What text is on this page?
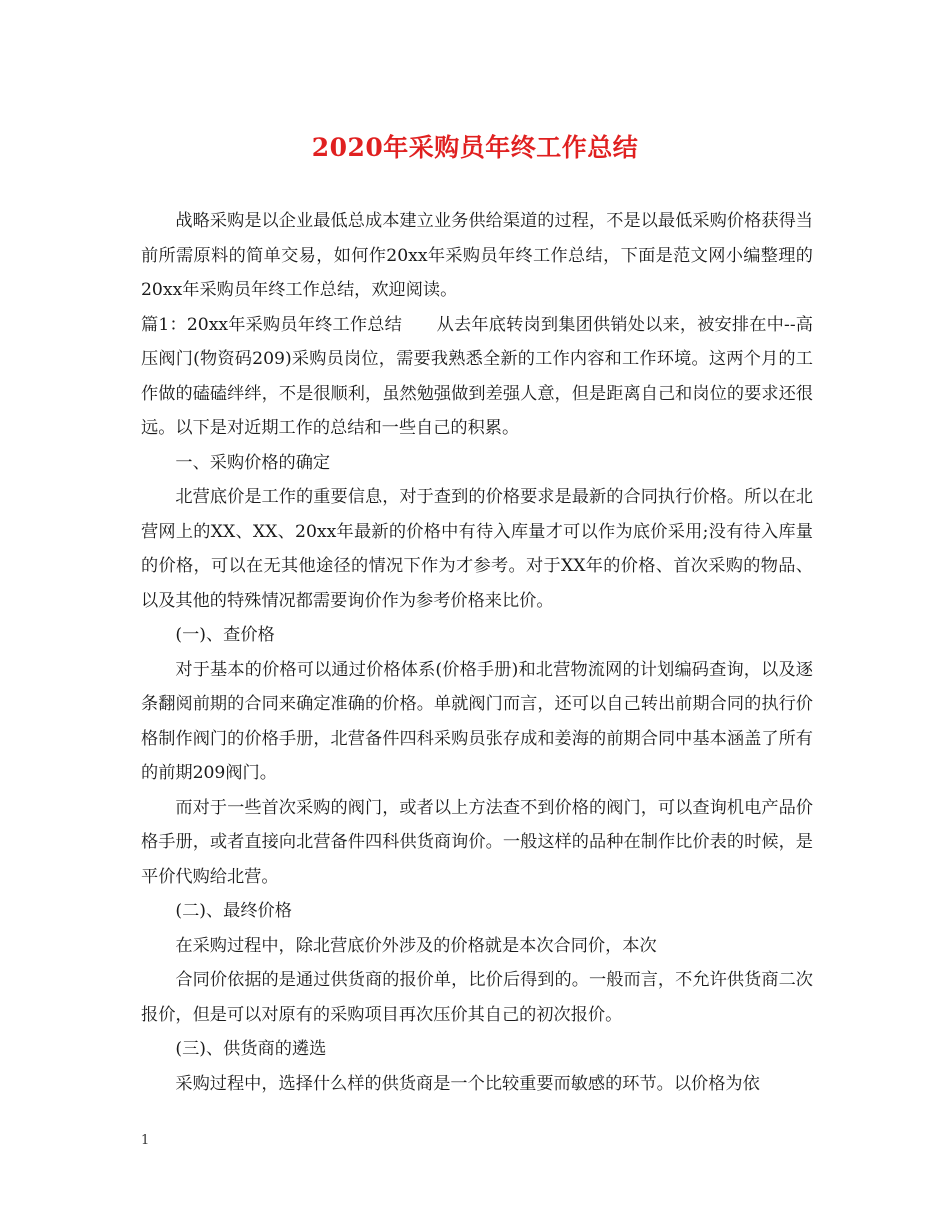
2020年采购员年终工作总结

战略采购是以企业最低总成本建立业务供给渠道的过程，不是以最低采购价格获得当前所需原料的简单交易，如何作20xx年采购员年终工作总结，下面是范文网小编整理的20xx年采购员年终工作总结，欢迎阅读。

篇1：20xx年采购员年终工作总结　　从去年底转岗到集团供销处以来，被安排在中--高压阀门(物资码209)采购员岗位，需要我熟悉全新的工作内容和工作环境。这两个月的工作做的磕磕绊绊，不是很顺利，虽然勉强做到差强人意，但是距离自己和岗位的要求还很远。以下是对近期工作的总结和一些自己的积累。

一、采购价格的确定

北营底价是工作的重要信息，对于查到的价格要求是最新的合同执行价格。所以在北营网上的XX、XX、20xx年最新的价格中有待入库量才可以作为底价采用;没有待入库量的价格，可以在无其他途径的情况下作为才参考。对于XX年的价格、首次采购的物品、以及其他的特殊情况都需要询价作为参考价格来比价。

(一)、查价格

对于基本的价格可以通过价格体系(价格手册)和北营物流网的计划编码查询，以及逐条翻阅前期的合同来确定准确的价格。单就阀门而言，还可以自己转出前期合同的执行价格制作阀门的价格手册，北营备件四科采购员张存成和姜海的前期合同中基本涵盖了所有的前期209阀门。

而对于一些首次采购的阀门，或者以上方法查不到价格的阀门，可以查询机电产品价格手册，或者直接向北营备件四科供货商询价。一般这样的品种在制作比价表的时候，是平价代购给北营。

(二)、最终价格

在采购过程中，除北营底价外涉及的价格就是本次合同价，本次

合同价依据的是通过供货商的报价单，比价后得到的。一般而言，不允许供货商二次报价，但是可以对原有的采购项目再次压价其自己的初次报价。

(三)、供货商的遴选

采购过程中，选择什么样的供货商是一个比较重要而敏感的环节。以价格为依

1
